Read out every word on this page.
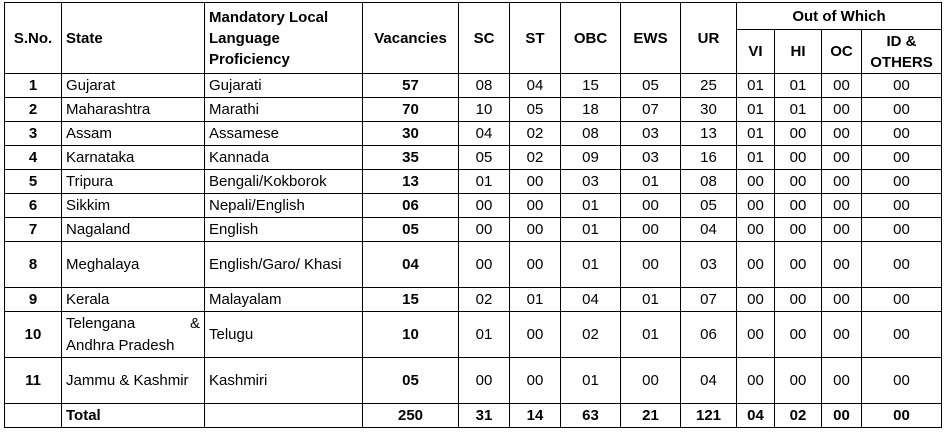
S.No.	State	Mandatory Local Language Proficiency	Vacancies	SC	ST	OBC	EWS	UR	Out of Which			
									VI	HI	OC	ID & OTHERS
1	Gujarat	Gujarati	57	08	04	15	05	25	01	01	00	00
2	Maharashtra	Marathi	70	10	05	18	07	30	01	01	00	00
3	Assam	Assamese	30	04	02	08	03	13	01	00	00	00
4	Karnataka	Kannada	35	05	02	09	03	16	01	00	00	00
5	Tripura	Bengali/Kokborok	13	01	00	03	01	08	00	00	00	00
6	Sikkim	Nepali/English	06	00	00	01	00	05	00	00	00	00
7	Nagaland	English	05	00	00	01	00	04	00	00	00	00
8	Meghalaya	English/Garo/ Khasi	04	00	00	01	00	03	00	00	00	00
9	Kerala	Malayalam	15	02	01	04	01	07	00	00	00	00
10	Telengana & Andhra Pradesh	Telugu	10	01	00	02	01	06	00	00	00	00
11	Jammu & Kashmir	Kashmiri	05	00	00	01	00	04	00	00	00	00
	Total		250	31	14	63	21	121	04	02	00	00
